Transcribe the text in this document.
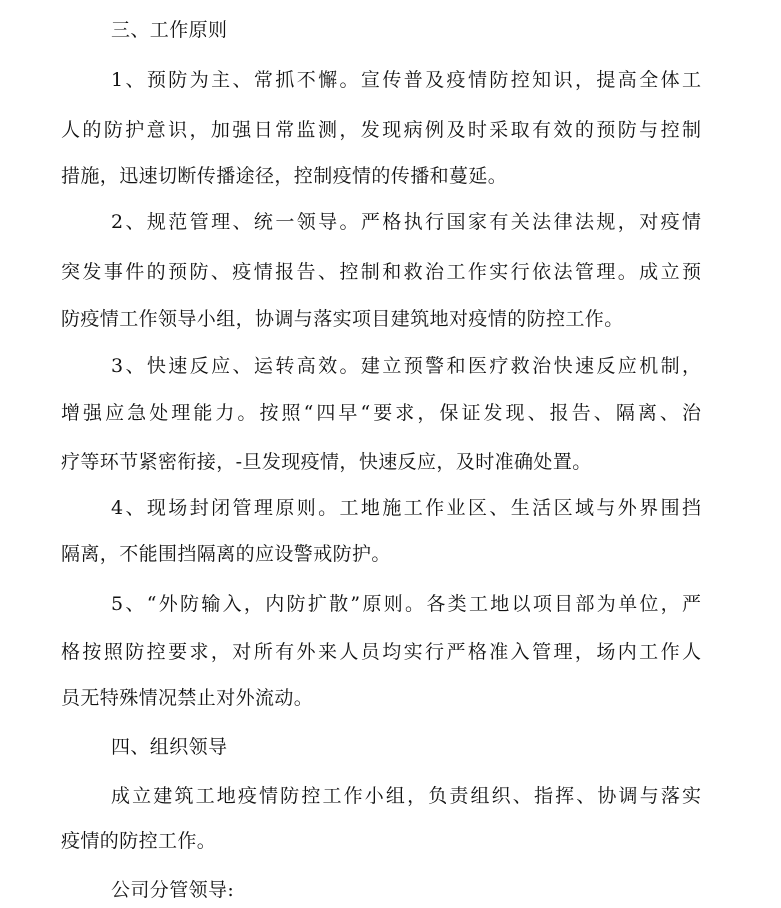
三、工作原则
1、预防为主、常抓不懈。宣传普及疫情防控知识，提高全体工
人的防护意识，加强日常监测，发现病例及时采取有效的预防与控制
措施，迅速切断传播途径，控制疫情的传播和蔓延。
2、规范管理、统一领导。严格执行国家有关法律法规，对疫情
突发事件的预防、疫情报告、控制和救治工作实行依法管理。成立预
防疫情工作领导小组，协调与落实项目建筑地对疫情的防控工作。
3、快速反应、运转高效。建立预警和医疗救治快速反应机制，
增强应急处理能力。按照“四早“要求，保证发现、报告、隔离、治
疗等环节紧密衔接，-旦发现疫情，快速反应，及时准确处置。
4、现场封闭管理原则。工地施工作业区、生活区域与外界围挡
隔离，不能围挡隔离的应设警戒防护。
5、“外防输入，内防扩散”原则。各类工地以项目部为单位，严
格按照防控要求，对所有外来人员均实行严格准入管理，场内工作人
员无特殊情况禁止对外流动。
四、组织领导
成立建筑工地疫情防控工作小组，负责组织、指挥、协调与落实
疫情的防控工作。
公司分管领导:
